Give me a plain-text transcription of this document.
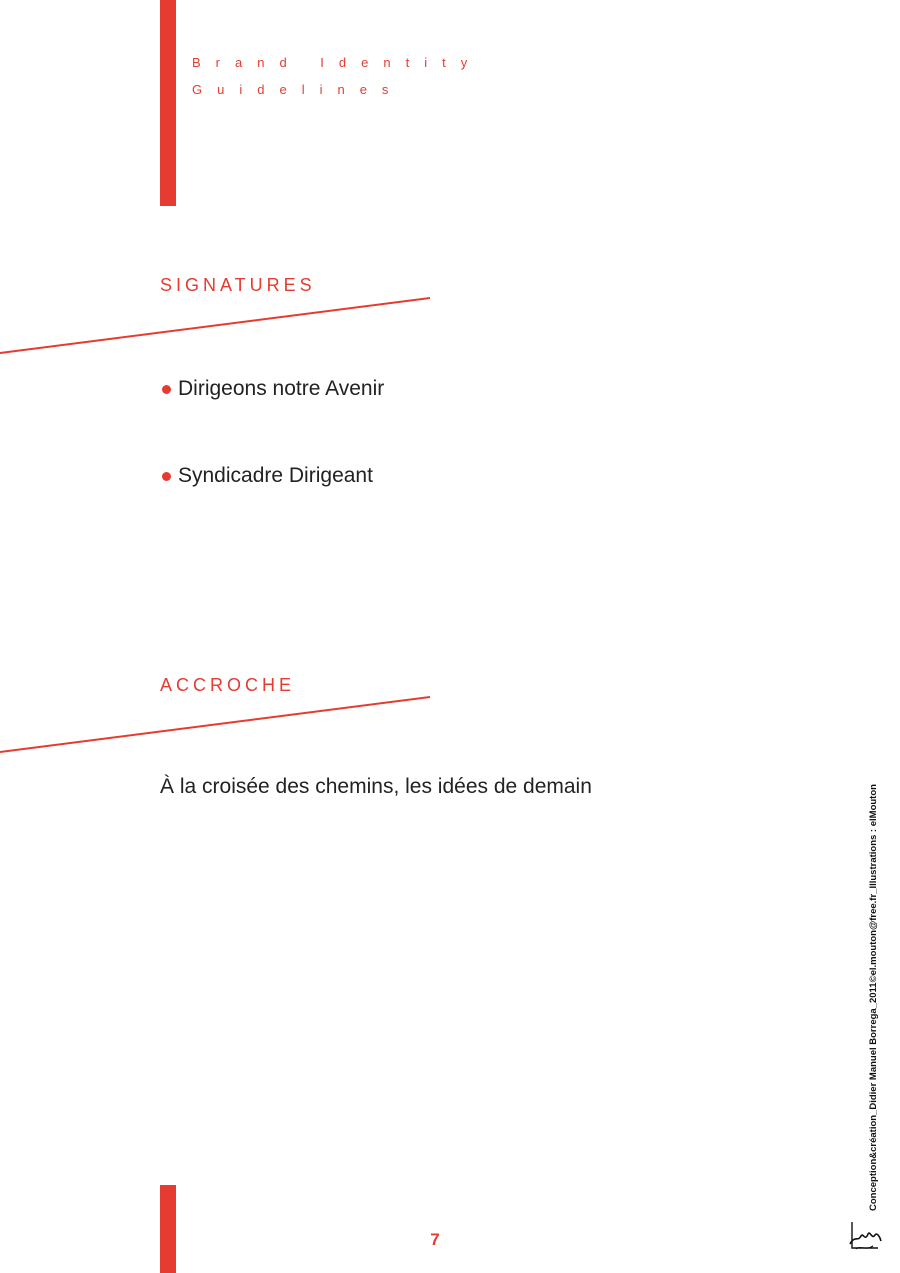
Brand Identity
Guidelines
SIGNATURES
Dirigeons notre Avenir
Syndicadre Dirigeant
ACCROCHE
À la croisée des chemins, les idées de demain	Conception&création_Didier Manuel Borrega_2011©el.mouton@free.fr_Illustrations : elMouton
7
